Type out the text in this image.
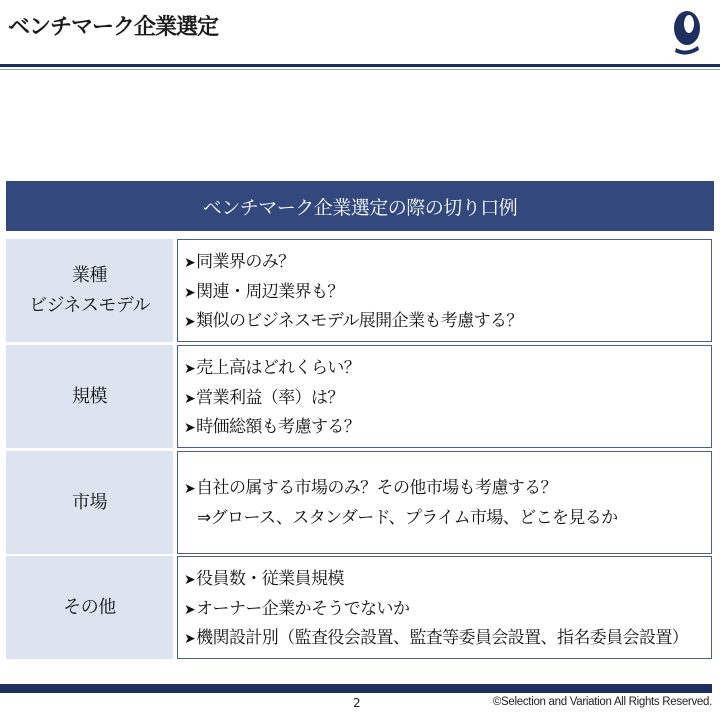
ベンチマーク企業選定
ベンチマーク企業選定の際の切り口例
業種
ビジネスモデル
➤同業界のみ？
➤関連・周辺業界も？
➤類似のビジネスモデル展開企業も考慮する？
規模
➤売上高はどれくらい？
➤営業利益（率）は？
➤時価総額も考慮する？
市場
➤自社の属する市場のみ？その他市場も考慮する？
⇒グロース、スタンダード、プライム市場、どこを見るか
その他
➤役員数・従業員規模
➤オーナー企業かそうでないか
➤機関設計別（監査役会設置、監査等委員会設置、指名委員会設置）
2	©Selection and Variation All Rights Reserved.
